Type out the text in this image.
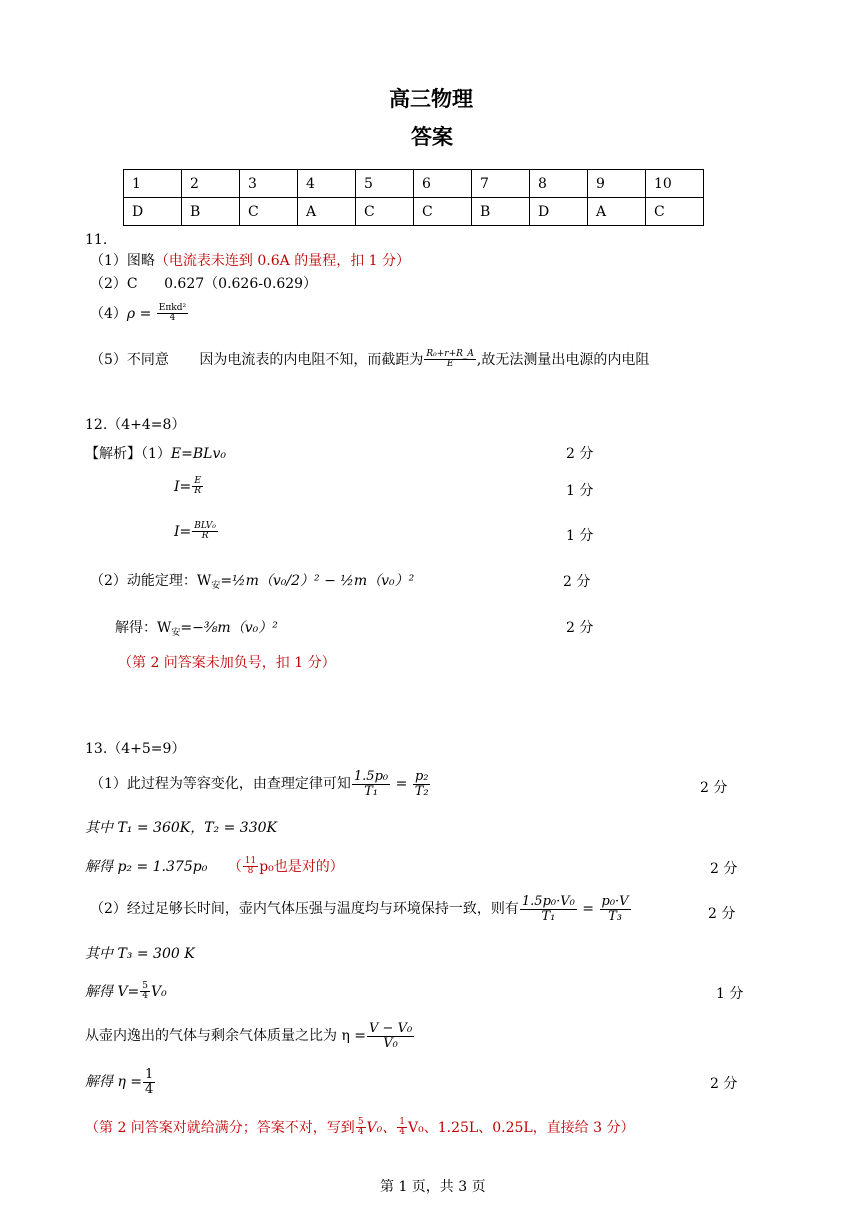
高三物理
答案
1	2	3	4	5	6	7	8	9	10
D	B	C	A	C	C	B	D	A	C
11.
（1）图略（电流表未连到 0.6A 的量程，扣 1 分）
（2）C 0.627（0.626-0.629）
$(4)\rho = \frac{\text{Eπkd²}}{4}$
（5）不同意 因为电流表的内电阻不知，而截距为 $\frac{\text{R₀+r+R\_A}}{E}$ ,故无法测量出电源的内电阻
12.（4+4=8）
【解析】（1）E=BLv₀	2 分
$I= \frac{E}{R}$	1 分
$I= \frac{\text{BLV₀}}{R}$	1 分
（2）动能定理：$W_安=\frac{1}{2}m(v_0/2)^2$ − ½m（v₀）²	2 分
解得：$W_安=-\frac{3}{8}m(v_0)^2$	2 分
（第 2 问答案未加负号，扣 1 分）
13.（4+5=9）
（1）此过程为等容变化，由查理定律可知 $\frac{\text{1.5p₀}}{\text{T₁}} = \frac{\text{p₂}}{\text{T₂}}$	2 分
其中 T₁ = 360K，T₂ = 330K
解得 p₂ = 1.375p₀ （ $\frac{11}{8} p_0$也是对的）	2 分
（2）经过足够长时间，壶内气体压强与温度均与环境保持一致，则有 $\frac{\text{1.5p₀·V₀}}{\text{T₁}} = \frac{\text{p₀·V}}{\text{T₃}}$	2 分
其中 T₃ = 300 K
解得 $V= \frac{5}{4} V_0$	1 分
从壶内逸出的气体与剩余气体质量之比为 $\eta = \frac{\text{V − V₀}}{\text{V₀}}$
解得 $\eta = \frac{1}{4}$	2 分
（第 2 问答案对就给满分；答案不对，写到 $\frac{5}{4} V_0$、 $\frac{1}{4} V_0$、1.25L、0.25L，直接给 3 分）
第 1 页，共 3 页
